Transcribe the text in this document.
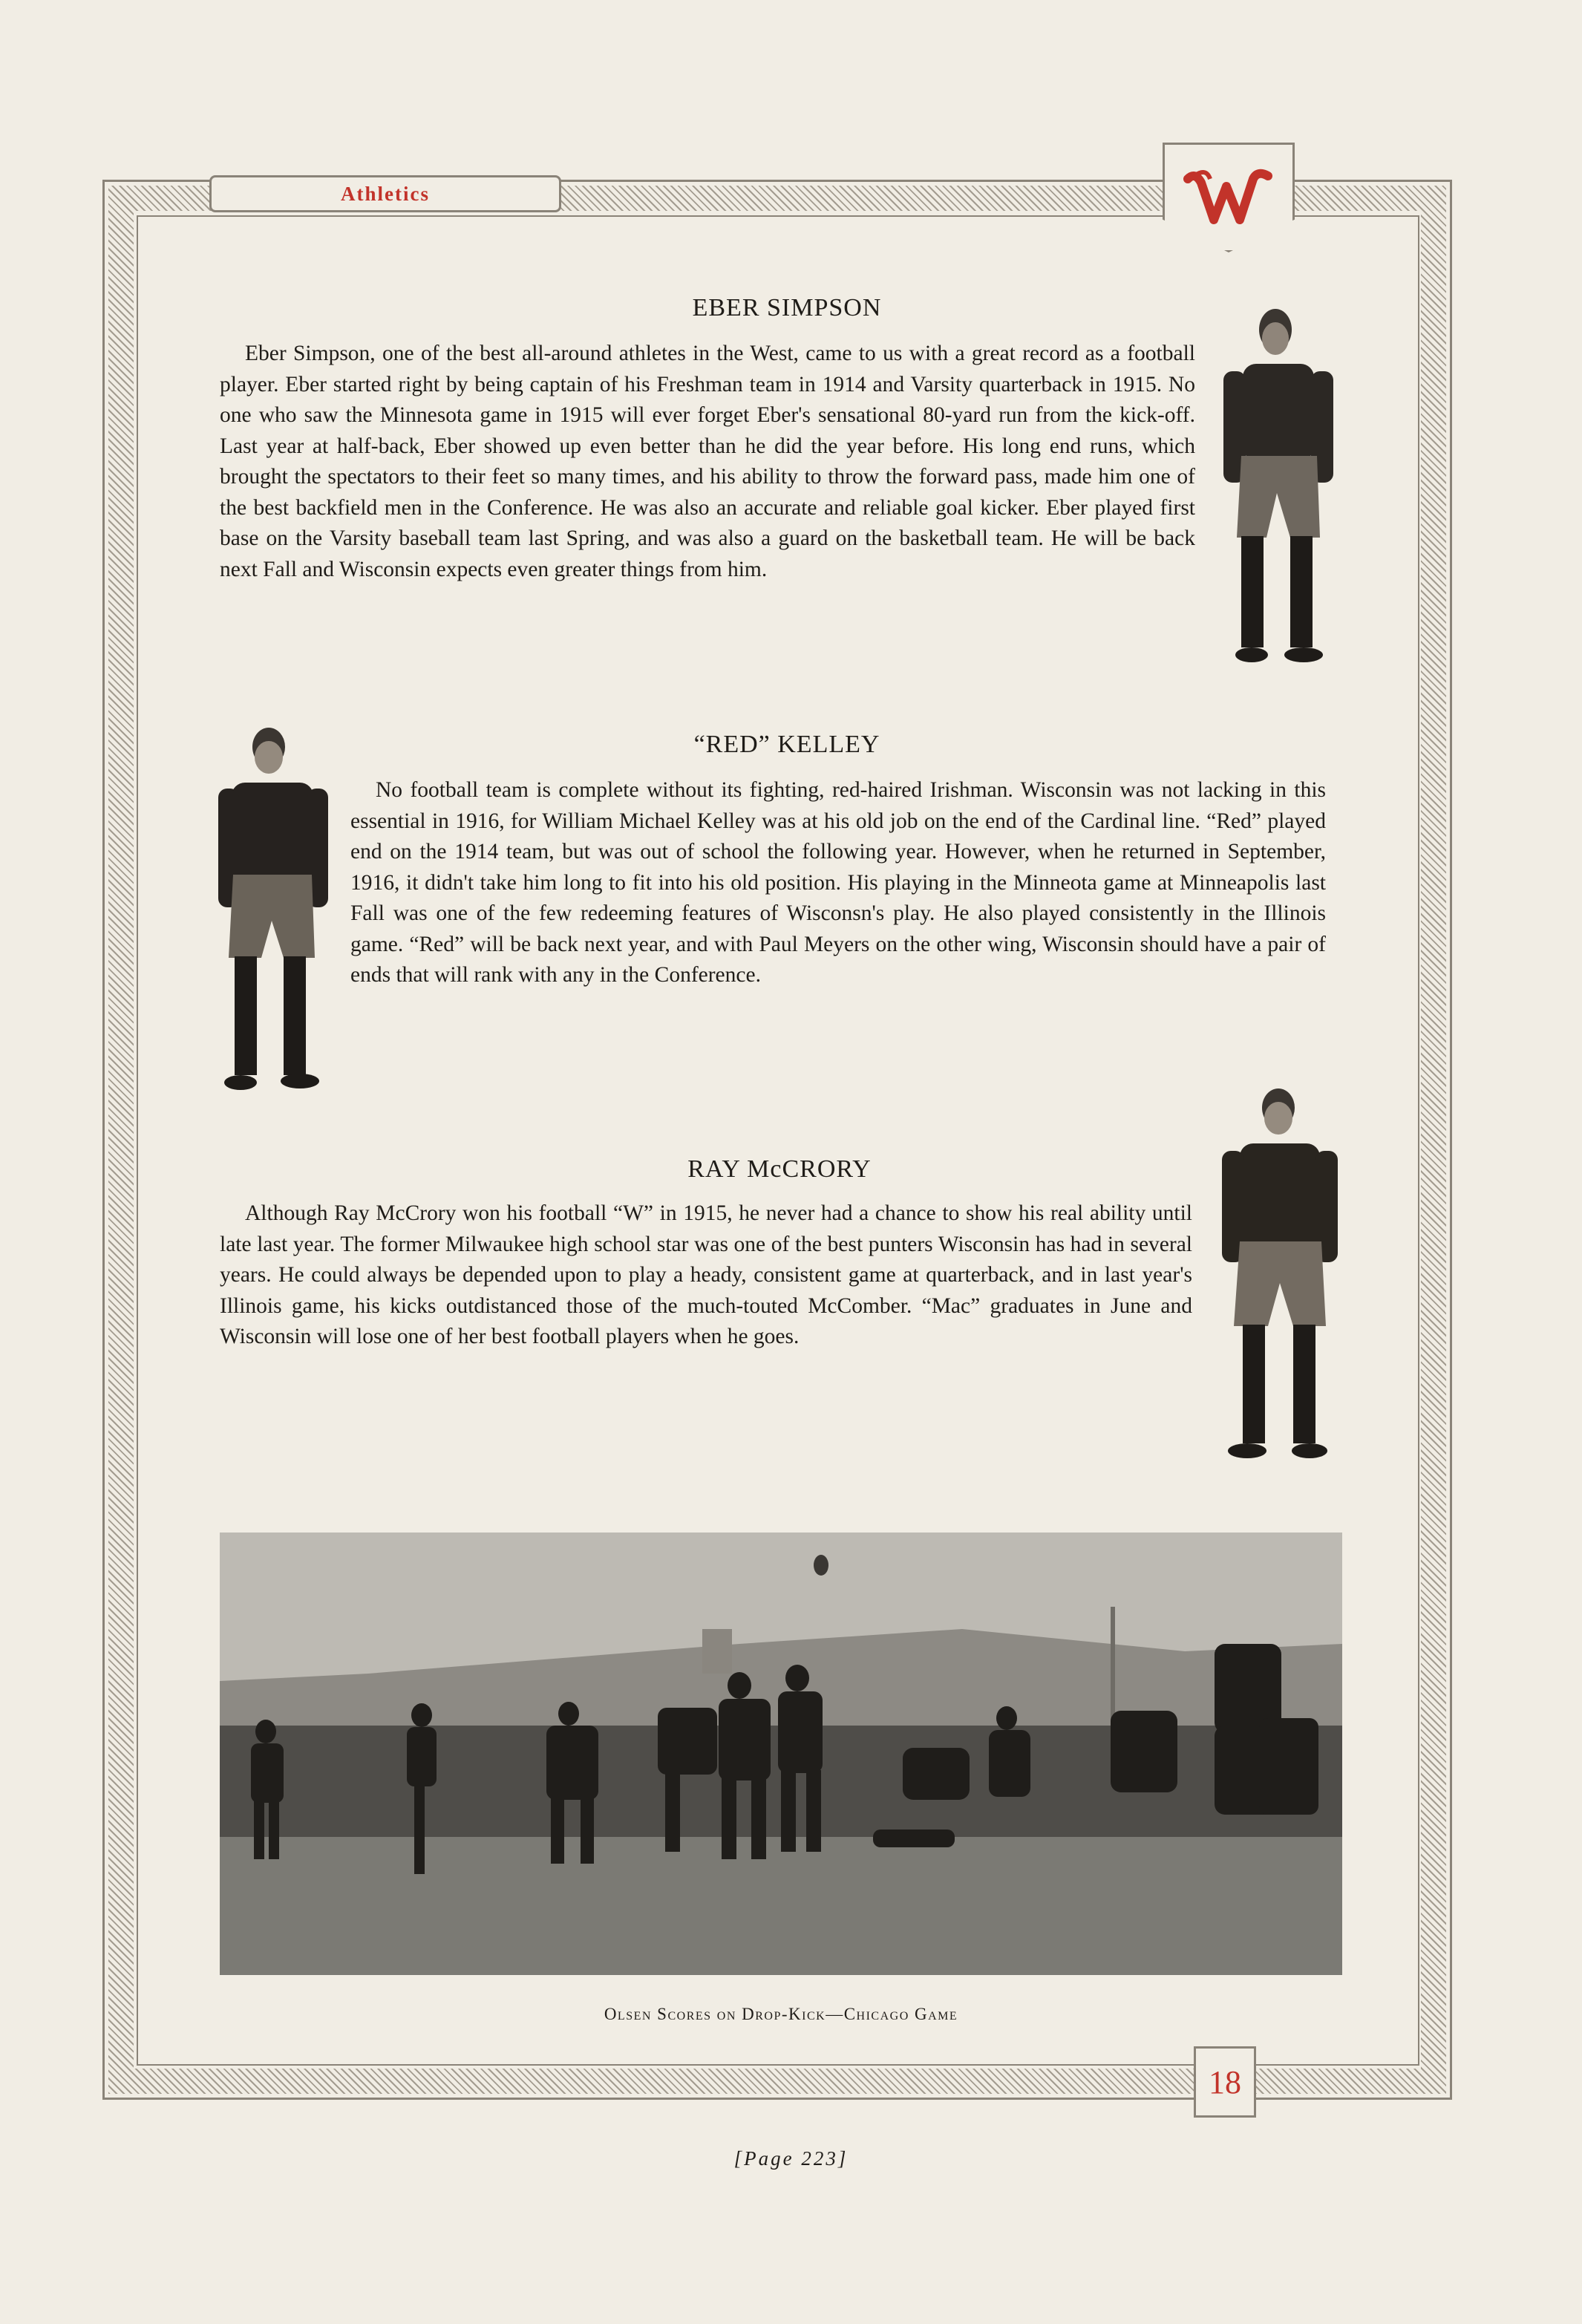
Athletics
EBER SIMPSON

Eber Simpson, one of the best all-around athletes in the West, came to us with a great record as a football player. Eber started right by being captain of his Freshman team in 1914 and Varsity quarterback in 1915. No one who saw the Minnesota game in 1915 will ever forget Eber's sensational 80-yard run from the kick-off. Last year at half-back, Eber showed up even better than he did the year before. His long end runs, which brought the spectators to their feet so many times, and his ability to throw the forward pass, made him one of the best backfield men in the Conference. He was also an accurate and reliable goal kicker. Eber played first base on the Varsity baseball team last Spring, and was also a guard on the basketball team. He will be back next Fall and Wisconsin expects even greater things from him.

“RED” KELLEY

No football team is complete without its fighting, red-haired Irishman. Wisconsin was not lacking in this essential in 1916, for William Michael Kelley was at his old job on the end of the Cardinal line. “Red” played end on the 1914 team, but was out of school the following year. However, when he returned in September, 1916, it didn't take him long to fit into his old position. His playing in the Minneota game at Minneapolis last Fall was one of the few redeeming features of Wisconsn's play. He also played consistently in the Illinois game. “Red” will be back next year, and with Paul Meyers on the other wing, Wisconsin should have a pair of ends that will rank with any in the Conference.

RAY McCRORY

Although Ray McCrory won his football “W” in 1915, he never had a chance to show his real ability until late last year. The former Milwaukee high school star was one of the best punters Wisconsin has had in several years. He could always be depended upon to play a heady, consistent game at quarterback, and in last year's Illinois game, his kicks outdistanced those of the much-touted McComber. “Mac” graduates in June and Wisconsin will lose one of her best football players when he goes.

Olsen Scores on Drop-Kick—Chicago Game
18
[Page 223]
